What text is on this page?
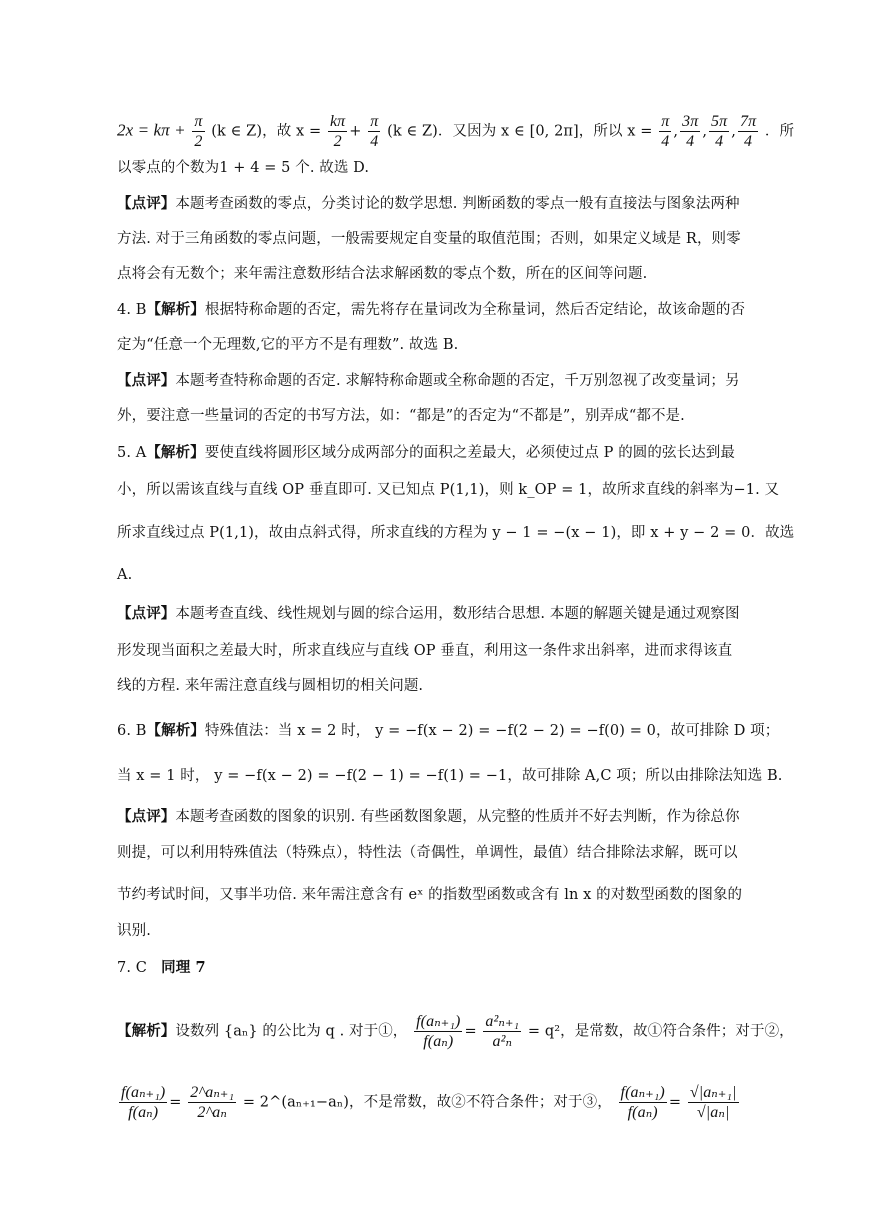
$2x = k\pi + \frac{\pi}{2} (k$ ∈ Z)，故 $x = \frac{k\pi}{2} + \frac{\pi}{4} (k$ ∈ Z)．又因为 x ∈ [0, 2π]，所以 $x = \frac{\pi}{4}$ , $\frac{3\pi}{4}$ , $\frac{5\pi}{4}$ , $\frac{7\pi}{4}$ ．所
以零点的个数为1 + 4 = 5 个. 故选 D.
【点评】本题考查函数的零点，分类讨论的数学思想. 判断函数的零点一般有直接法与图象法两种
方法. 对于三角函数的零点问题，一般需要规定自变量的取值范围；否则，如果定义域是 R，则零
点将会有无数个；来年需注意数形结合法求解函数的零点个数，所在的区间等问题.
4. B【解析】根据特称命题的否定，需先将存在量词改为全称量词，然后否定结论，故该命题的否
定为“任意一个无理数,它的平方不是有理数”. 故选 B.
【点评】本题考查特称命题的否定. 求解特称命题或全称命题的否定，千万别忽视了改变量词；另
外，要注意一些量词的否定的书写方法，如：“都是”的否定为“不都是”，别弄成“都不是.
5. A【解析】要使直线将圆形区域分成两部分的面积之差最大，必须使过点 P 的圆的弦长达到最
小，所以需该直线与直线 OP 垂直即可. 又已知点 P(1,1)，则 k_OP = 1，故所求直线的斜率为−1. 又
所求直线过点 P(1,1)，故由点斜式得，所求直线的方程为 y − 1 = −(x − 1)，即 x + y − 2 = 0．故选
A.
【点评】本题考查直线、线性规划与圆的综合运用，数形结合思想. 本题的解题关键是通过观察图
形发现当面积之差最大时，所求直线应与直线 OP 垂直，利用这一条件求出斜率，进而求得该直
线的方程. 来年需注意直线与圆相切的相关问题.
6. B【解析】特殊值法：当 x = 2 时， y = −f(x − 2) = −f(2 − 2) = −f(0) = 0，故可排除 D 项；
当 x = 1 时， y = −f(x − 2) = −f(2 − 1) = −f(1) = −1，故可排除 A,C 项；所以由排除法知选 B.
【点评】本题考查函数的图象的识别. 有些函数图象题，从完整的性质并不好去判断，作为徐总你
则提，可以利用特殊值法（特殊点），特性法（奇偶性，单调性，最值）结合排除法求解，既可以
节约考试时间，又事半功倍. 来年需注意含有 eˣ 的指数型函数或含有 ln x 的对数型函数的图象的
识别.
7. C 同理 7
【解析】设数列 {aₙ} 的公比为 q . 对于①， $\frac{\text{f(aₙ₊₁)}}{\text{f(aₙ)}} = \frac{\text{a²ₙ₊₁}}{\text{a²ₙ}} = q^2$，是常数，故①符合条件；对于②，
$\frac{\text{f(aₙ₊₁)}}{\text{f(aₙ)}} = \frac{\text{2\textasciicircum{}aₙ₊₁}}{\text{2\textasciicircum{}aₙ}}$ = 2^(aₙ₊₁−aₙ)，不是常数，故②不符合条件；对于③， $\frac{\text{f(aₙ₊₁)}}{\text{f(aₙ)}} = \frac{\text{√|aₙ₊₁|}}{\text{√|aₙ|}}$
